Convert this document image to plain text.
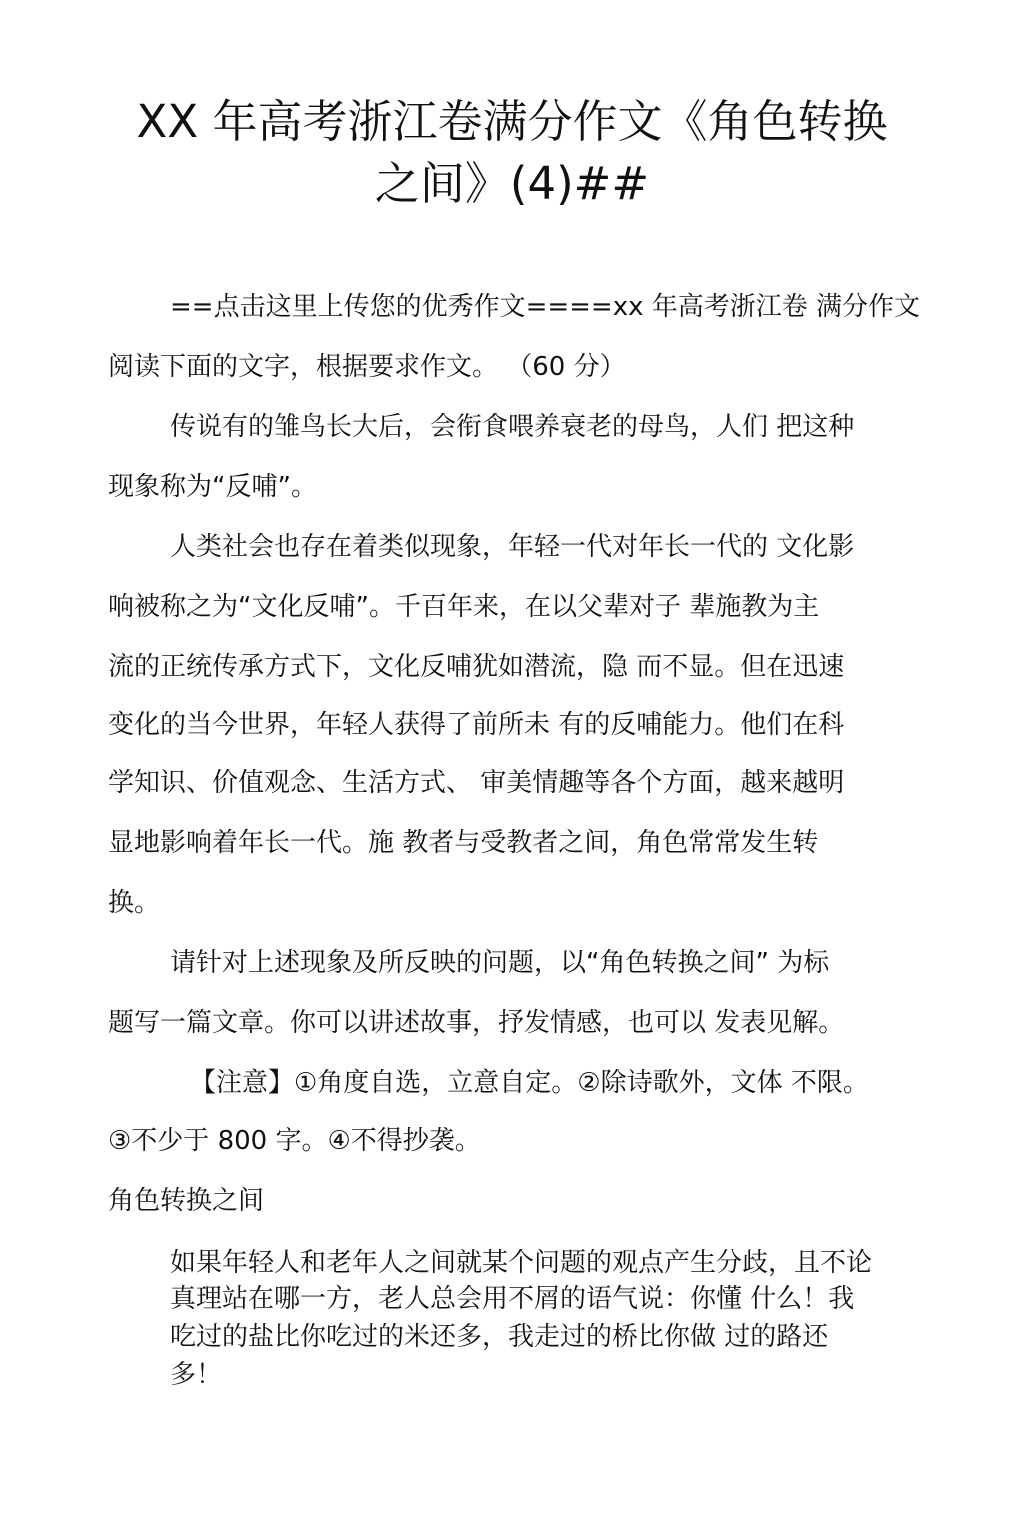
XX 年高考浙江卷满分作文《角色转换
之间》(4)##
==点击这里上传您的优秀作文====xx 年高考浙江卷 满分作文
阅读下面的文字，根据要求作文。 （60 分）
传说有的雏鸟长大后，会衔食喂养衰老的母鸟，人们 把这种
现象称为“反哺”。
人类社会也存在着类似现象，年轻一代对年长一代的 文化影
响被称之为“文化反哺”。千百年来，在以父辈对子 辈施教为主
流的正统传承方式下，文化反哺犹如潜流，隐 而不显。但在迅速
变化的当今世界，年轻人获得了前所未 有的反哺能力。他们在科
学知识、价值观念、生活方式、 审美情趣等各个方面，越来越明
显地影响着年长一代。施 教者与受教者之间，角色常常发生转
换。
请针对上述现象及所反映的问题，以“角色转换之间” 为标
题写一篇文章。你可以讲述故事，抒发情感，也可以 发表见解。
【注意】①角度自选，立意自定。②除诗歌外，文体 不限。
③不少于 800 字。④不得抄袭。
角色转换之间
如果年轻人和老年人之间就某个问题的观点产生分歧，且不论
真理站在哪一方，老人总会用不屑的语气说：你懂 什么！我
吃过的盐比你吃过的米还多，我走过的桥比你做 过的路还
多！
